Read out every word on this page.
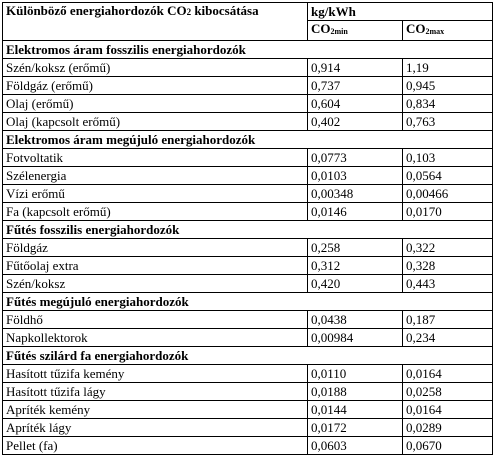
Különböző energiahordozók CO2 kibocsátása	kg/kWh	
	CO2min	CO2max
Elektromos áram fosszilis energiahordozók		
Szén/koksz (erőmű)	0,914	1,19
Földgáz (erőmű)	0,737	0,945
Olaj (erőmű)	0,604	0,834
Olaj (kapcsolt erőmű)	0,402	0,763
Elektromos áram megújuló energiahordozók		
Fotvoltatik	0,0773	0,103
Szélenergia	0,0103	0,0564
Vízi erőmű	0,00348	0,00466
Fa (kapcsolt erőmű)	0,0146	0,0170
Fűtés fosszilis energiahordozók		
Földgáz	0,258	0,322
Fűtőolaj extra	0,312	0,328
Szén/koksz	0,420	0,443
Fűtés megújuló energiahordozók		
Földhő	0,0438	0,187
Napkollektorok	0,00984	0,234
Fűtés szilárd fa energiahordozók		
Hasított tűzifa kemény	0,0110	0,0164
Hasított tűzifa lágy	0,0188	0,0258
Apríték kemény	0,0144	0,0164
Apríték lágy	0,0172	0,0289
Pellet (fa)	0,0603	0,0670
